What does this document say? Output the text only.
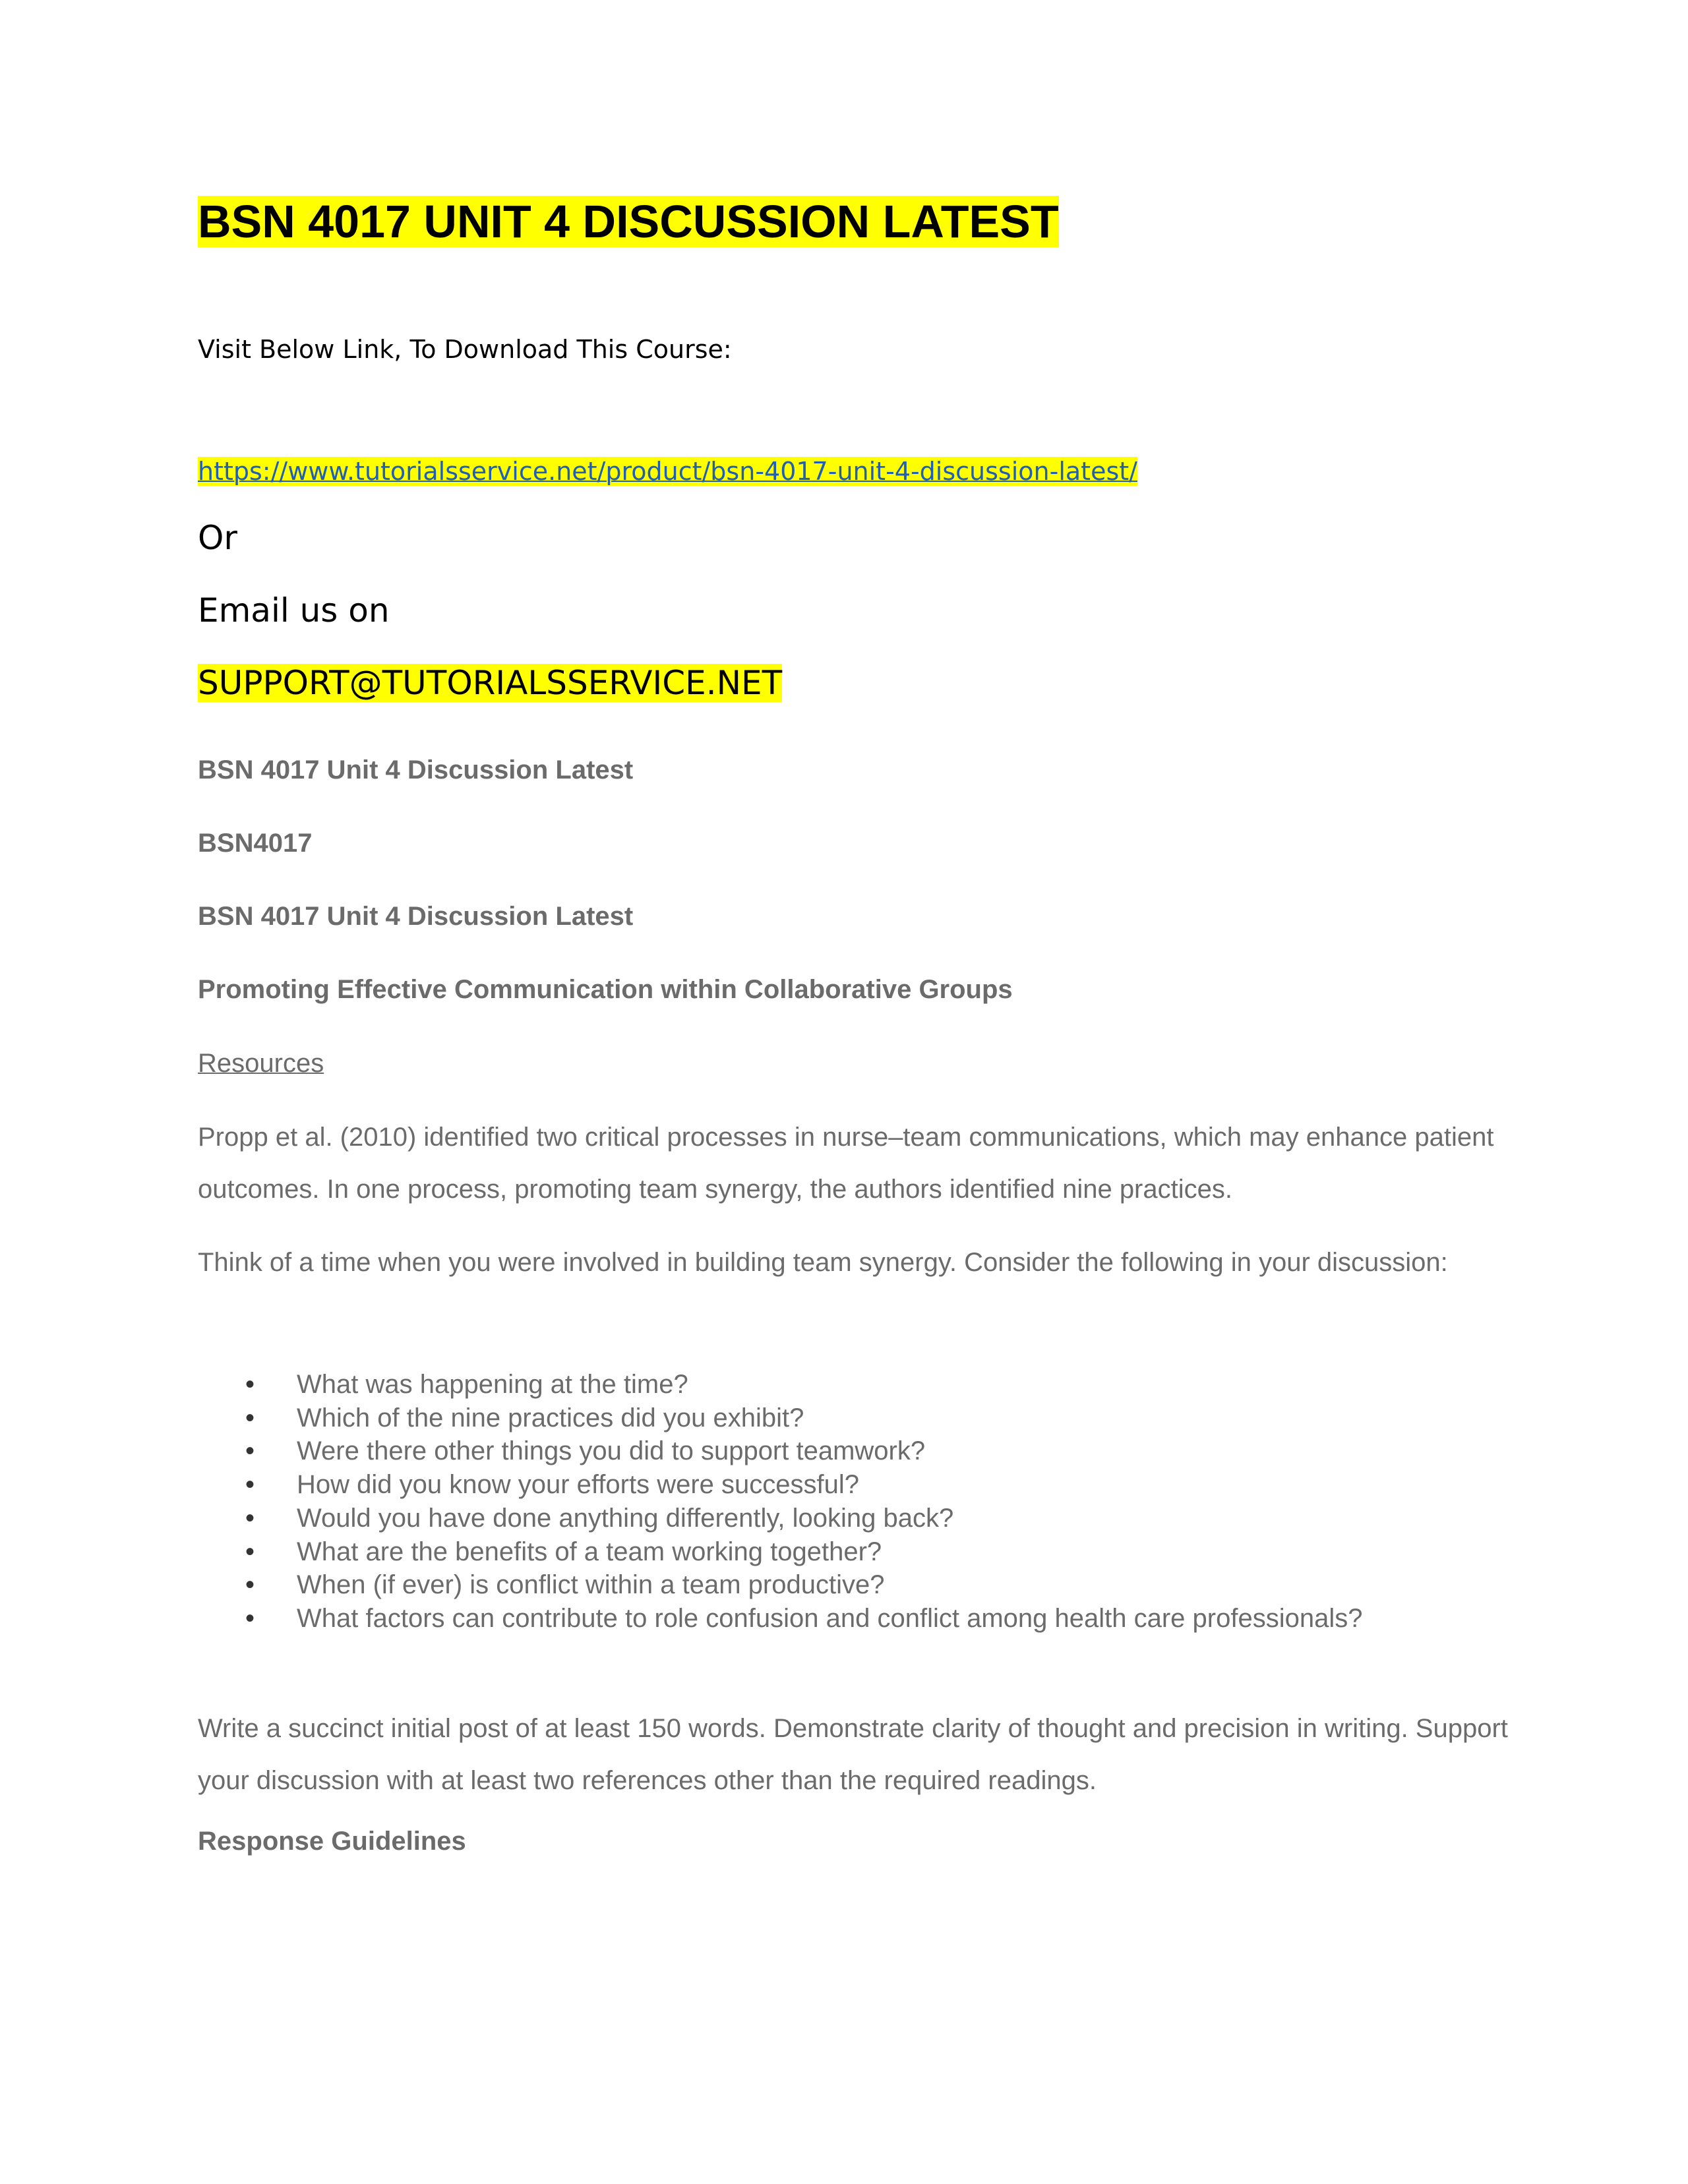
BSN 4017 UNIT 4 DISCUSSION LATEST
Visit Below Link, To Download This Course:
https://www.tutorialsservice.net/product/bsn-4017-unit-4-discussion-latest/
Or
Email us on
SUPPORT@TUTORIALSSERVICE.NET
BSN 4017 Unit 4 Discussion Latest
BSN4017
BSN 4017 Unit 4 Discussion Latest
Promoting Effective Communication within Collaborative Groups
Resources
Propp et al. (2010) identified two critical processes in nurse–team communications, which may enhance patient outcomes. In one process, promoting team synergy, the authors identified nine practices.
Think of a time when you were involved in building team synergy. Consider the following in your discussion:
• What was happening at the time?
• Which of the nine practices did you exhibit?
• Were there other things you did to support teamwork?
• How did you know your efforts were successful?
• Would you have done anything differently, looking back?
• What are the benefits of a team working together?
• When (if ever) is conflict within a team productive?
• What factors can contribute to role confusion and conflict among health care professionals?
Write a succinct initial post of at least 150 words. Demonstrate clarity of thought and precision in writing. Support your discussion with at least two references other than the required readings.
Response Guidelines
